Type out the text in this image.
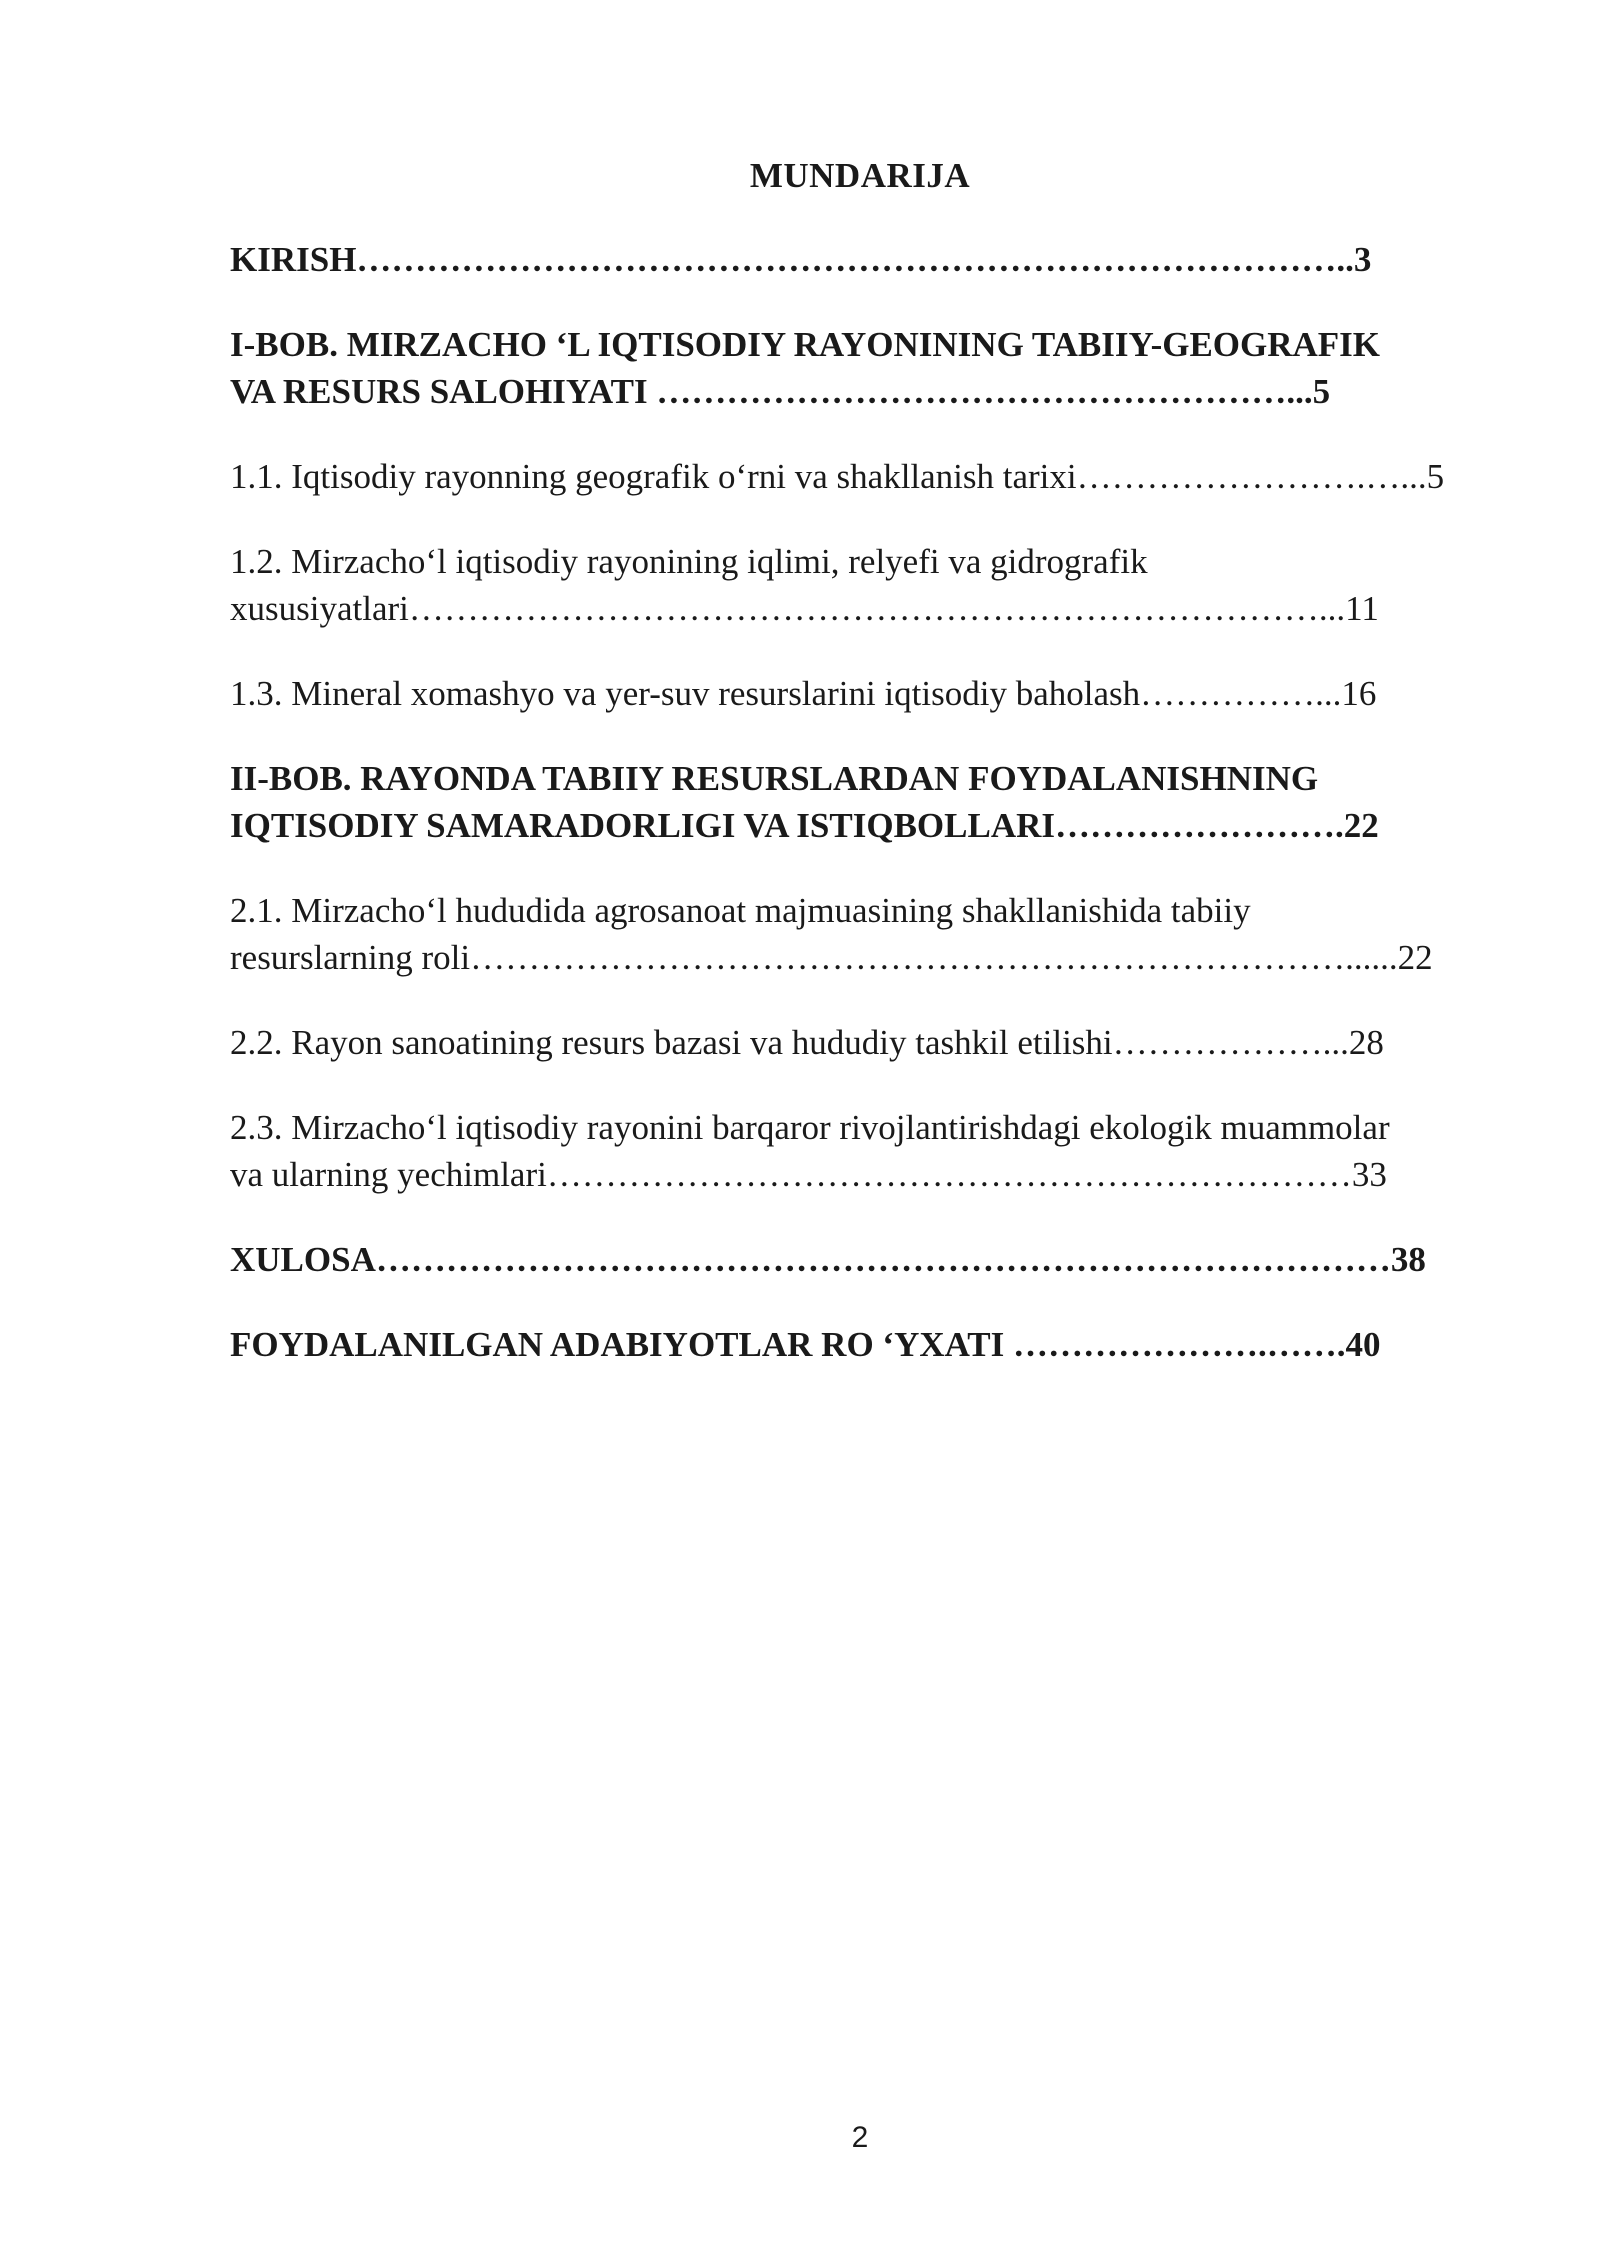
MUNDARIJA
KIRISH…………………………………………………………………………..3
I-BOB. MIRZACHO ‘L IQTISODIY RAYONINING TABIIY-GEOGRAFIK
VA RESURS SALOHIYATI ………………………………………………...5
1.1. Iqtisodiy rayonning geografik o‘rni va shakllanish tarixi…………………….…...5
1.2. Mirzacho‘l iqtisodiy rayonining iqlimi, relyefi va gidrografik
xususiyatlari……………………………………………………………………...11
1.3. Mineral xomashyo va yer-suv resurslarini iqtisodiy baholash……………...16
II-BOB. RAYONDA TABIIY RESURSLARDAN FOYDALANISHNING
IQTISODIY SAMARADORLIGI VA ISTIQBOLLARI…………………….22
2.1. Mirzacho‘l hududida agrosanoat majmuasining shakllanishida tabiiy
resurslarning roli…………………………………………………………………......22
2.2. Rayon sanoatining resurs bazasi va hududiy tashkil etilishi………………...28
2.3. Mirzacho‘l iqtisodiy rayonini barqaror rivojlantirishdagi ekologik muammolar
va ularning yechimlari……………………………………………………………33
XULOSA……………………………………………………………………………38
FOYDALANILGAN ADABIYOTLAR RO ‘YXATI ………………….…….40
2
